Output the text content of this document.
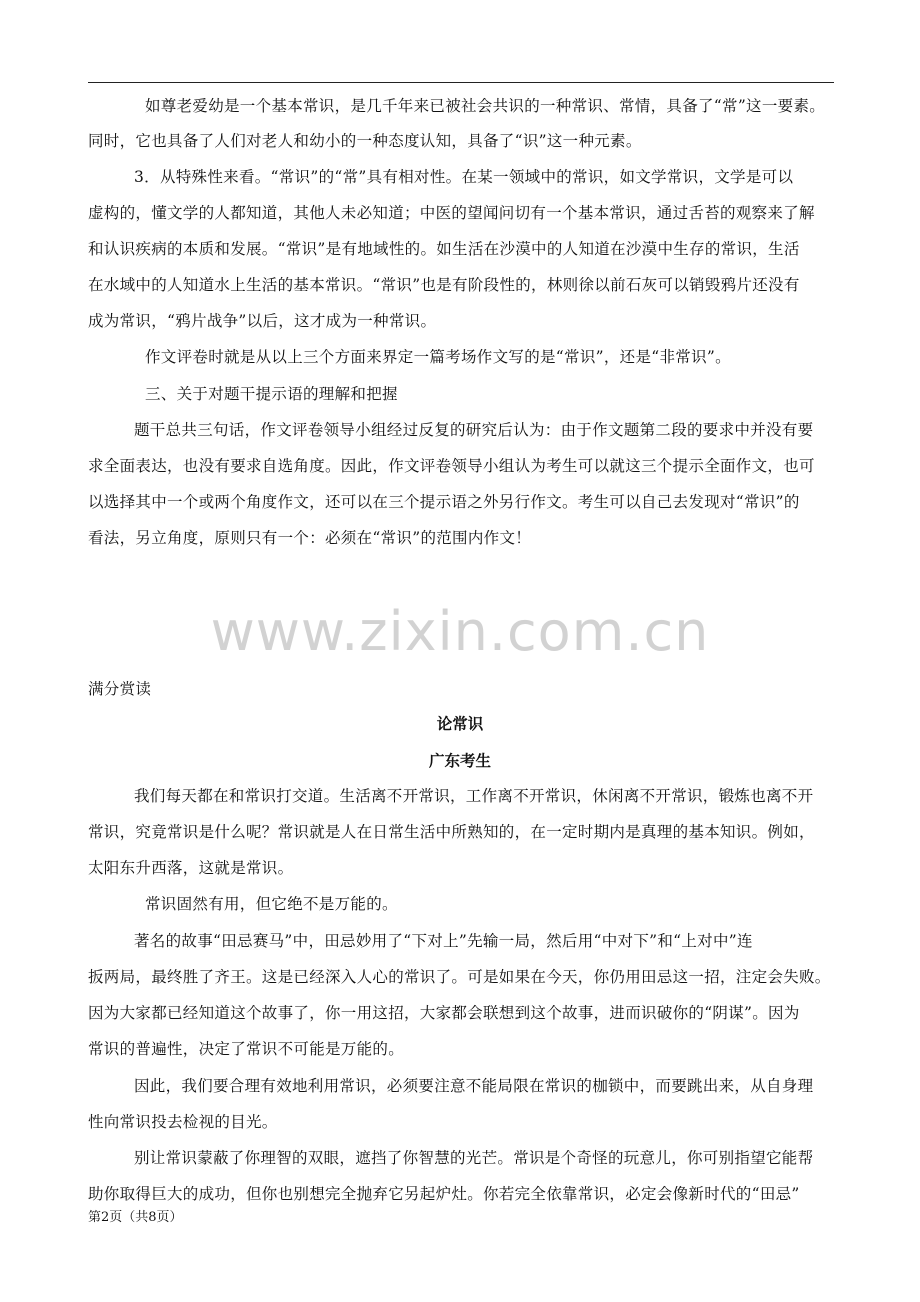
如尊老爱幼是一个基本常识，是几千年来已被社会共识的一种常识、常情，具备了“常”这一要素。
同时，它也具备了人们对老人和幼小的一种态度认知，具备了“识”这一种元素。
3．从特殊性来看。“常识”的“常”具有相对性。在某一领域中的常识，如文学常识，文学是可以
虚构的，懂文学的人都知道，其他人未必知道；中医的望闻问切有一个基本常识，通过舌苔的观察来了解
和认识疾病的本质和发展。“常识”是有地域性的。如生活在沙漠中的人知道在沙漠中生存的常识，生活
在水域中的人知道水上生活的基本常识。“常识”也是有阶段性的，林则徐以前石灰可以销毁鸦片还没有
成为常识，“鸦片战争”以后，这才成为一种常识。
作文评卷时就是从以上三个方面来界定一篇考场作文写的是“常识”，还是“非常识”。
三、关于对题干提示语的理解和把握
题干总共三句话，作文评卷领导小组经过反复的研究后认为：由于作文题第二段的要求中并没有要
求全面表达，也没有要求自选角度。因此，作文评卷领导小组认为考生可以就这三个提示全面作文，也可
以选择其中一个或两个角度作文，还可以在三个提示语之外另行作文。考生可以自己去发现对“常识”的
看法，另立角度，原则只有一个：必须在“常识”的范围内作文！
www.zixin.com.cn
满分赏读
论常识
广东考生
我们每天都在和常识打交道。生活离不开常识，工作离不开常识，休闲离不开常识，锻炼也离不开
常识，究竟常识是什么呢？常识就是人在日常生活中所熟知的，在一定时期内是真理的基本知识。例如，
太阳东升西落，这就是常识。
常识固然有用，但它绝不是万能的。
著名的故事“田忌赛马”中，田忌妙用了“下对上”先输一局，然后用“中对下”和“上对中”连
扳两局，最终胜了齐王。这是已经深入人心的常识了。可是如果在今天，你仍用田忌这一招，注定会失败。
因为大家都已经知道这个故事了，你一用这招，大家都会联想到这个故事，进而识破你的“阴谋”。因为
常识的普遍性，决定了常识不可能是万能的。
因此，我们要合理有效地利用常识，必须要注意不能局限在常识的枷锁中，而要跳出来，从自身理
性向常识投去检视的目光。
别让常识蒙蔽了你理智的双眼，遮挡了你智慧的光芒。常识是个奇怪的玩意儿，你可别指望它能帮
助你取得巨大的成功，但你也别想完全抛弃它另起炉灶。你若完全依靠常识，必定会像新时代的“田忌”
第2页（共8页）
